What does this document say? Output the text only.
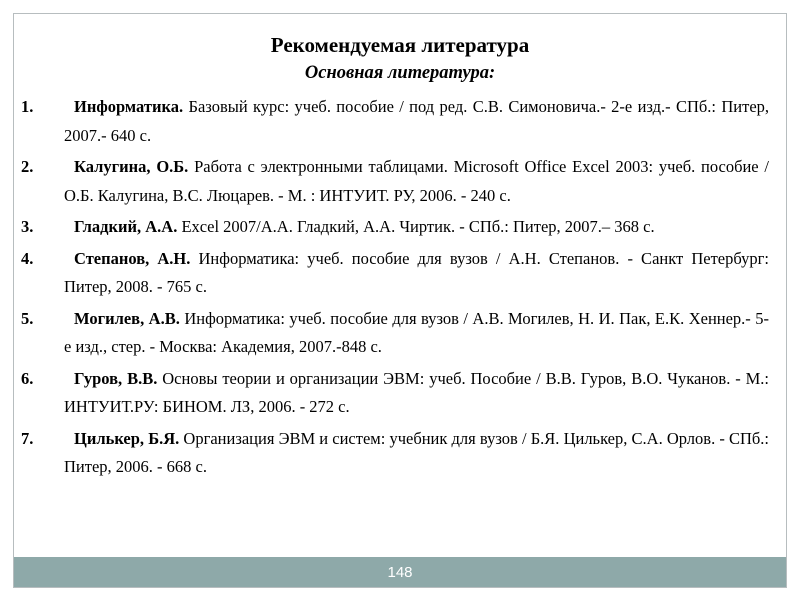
Рекомендуемая литература
Основная литература:
1. Информатика. Базовый курс: учеб. пособие / под ред. С.В. Симоновича.- 2-е изд.- СПб.: Питер, 2007.- 640 с.
2. Калугина, О.Б. Работа с электронными таблицами. Microsoft Office Excel 2003: учеб. пособие / О.Б. Калугина, В.С. Люцарев. - М. : ИНТУИТ. РУ, 2006. - 240 с.
3. Гладкий, А.А. Excel 2007/А.А. Гладкий, А.А. Чиртик. - СПб.: Питер, 2007.– 368 с.
4. Степанов, А.Н. Информатика: учеб. пособие для вузов / А.Н. Степанов. - Санкт Петербург: Питер, 2008. - 765 с.
5. Могилев, А.В. Информатика: учеб. пособие для вузов / А.В. Могилев, Н. И. Пак, Е.К. Хеннер.- 5-е изд., стер. - Москва: Академия, 2007.-848 с.
6. Гуров, В.В. Основы теории и организации ЭВМ: учеб. Пособие / В.В. Гуров, В.О. Чуканов. - М.: ИНТУИТ.РУ: БИНОМ. ЛЗ, 2006. - 272 с.
7. Цилькер, Б.Я. Организация ЭВМ и систем: учебник для вузов / Б.Я. Цилькер, С.А. Орлов. - СПб.: Питер, 2006. - 668 с.
148
